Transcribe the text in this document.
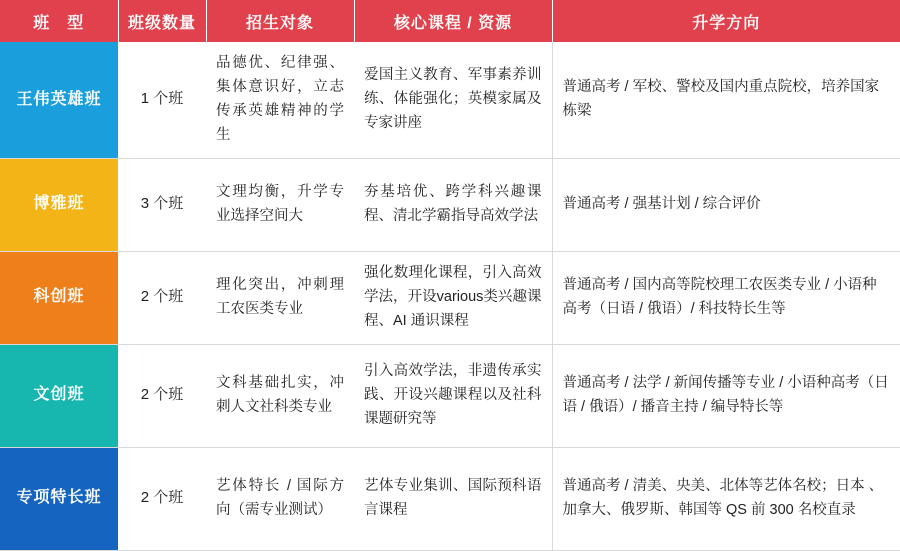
班　型	班级数量	招生对象	核心课程 / 资源	升学方向
王伟英雄班	1 个班	品德优、纪律强、集体意识好，立志传承英雄精神的学生	爱国主义教育、军事素养训练、体能强化；英模家属及专家讲座	普通高考 / 军校、警校及国内重点院校，培养国家栋梁
博雅班	3 个班	文理均衡，升学专业选择空间大	夯基培优、跨学科兴趣课程、清北学霸指导高效学法	普通高考 / 强基计划 / 综合评价
科创班	2 个班	理化突出，冲刺理工农医类专业	强化数理化课程，引入高效学法，开设various类兴趣课程、AI 通识课程	普通高考 / 国内高等院校理工农医类专业 / 小语种高考（日语 / 俄语）/ 科技特长生等
文创班	2 个班	文科基础扎实，冲刺人文社科类专业	引入高效学法，非遗传承实践、开设兴趣课程以及社科课题研究等	普通高考 / 法学 / 新闻传播等专业 / 小语种高考（日语 / 俄语）/ 播音主持 / 编导特长等
专项特长班	2 个班	艺体特长 / 国际方向（需专业测试）	艺体专业集训、国际预科语言课程	普通高考 / 清美、央美、北体等艺体名校；日本 、加拿大、俄罗斯、韩国等 QS 前 300 名校直录
